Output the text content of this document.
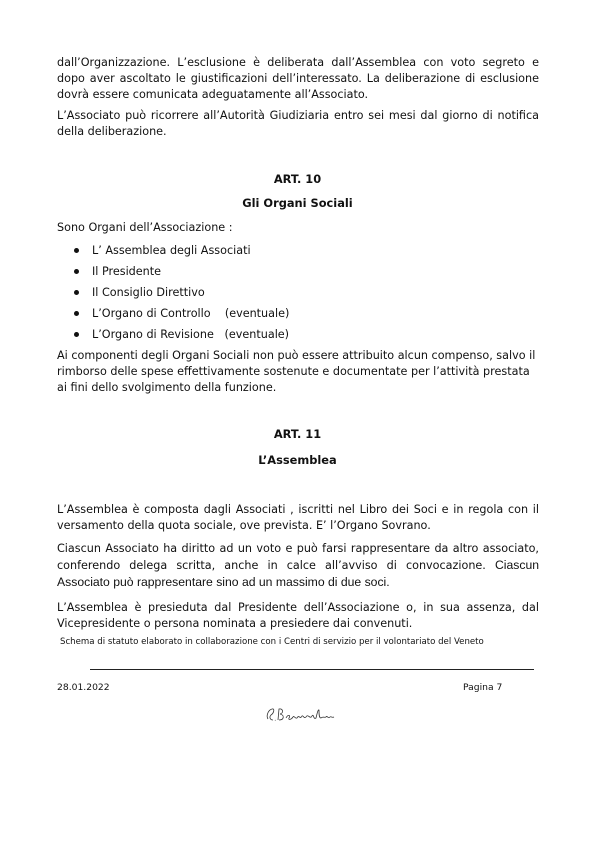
dall’Organizzazione. L’esclusione è deliberata dall’Assemblea con voto segreto e dopo aver ascoltato le giustificazioni dell’interessato. La deliberazione di esclusione dovrà essere comunicata adeguatamente all’Associato.

L’Associato può ricorrere all’Autorità Giudiziaria entro sei mesi dal giorno di notifica della deliberazione.

ART. 10

Gli Organi Sociali

Sono Organi dell’Associazione :

L’ Assemblea degli Associati
Il Presidente
Il Consiglio Direttivo
L’Organo di Controllo    (eventuale)
L’Organo di Revisione   (eventuale)

Ai componenti degli Organi Sociali non può essere attribuito alcun compenso, salvo il rimborso delle spese effettivamente sostenute e documentate per l’attività prestata ai fini dello svolgimento della funzione.

ART. 11

L’Assemblea

L’Assemblea è composta dagli Associati , iscritti nel Libro dei Soci e in regola con il versamento della quota sociale, ove prevista. E’ l’Organo Sovrano.

Ciascun Associato ha diritto ad un voto e può farsi rappresentare da altro associato, conferendo delega scritta, anche in calce all’avviso di convocazione. Ciascun Associato può rappresentare sino ad un massimo di due soci.

L’Assemblea è presieduta dal Presidente dell’Associazione o, in sua assenza, dal Vicepresidente o persona nominata a presiedere dai convenuti.

Schema di statuto elaborato in collaborazione con i Centri di servizio per il volontariato del Veneto
28.01.2022	Pagina 7
